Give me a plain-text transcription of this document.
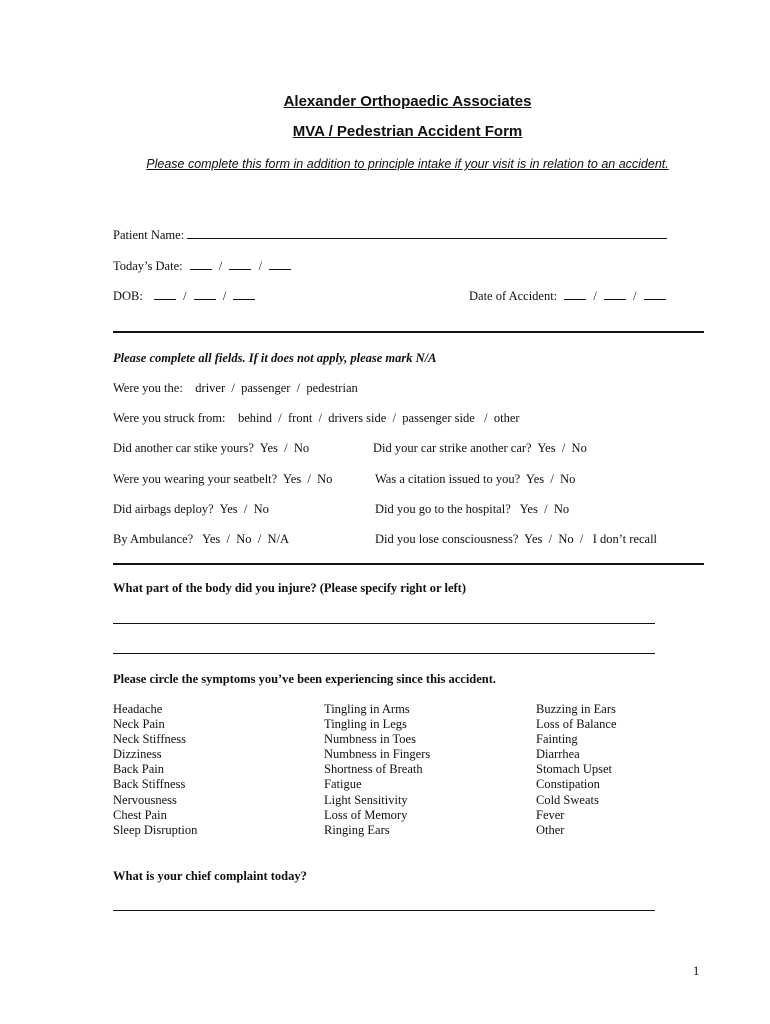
Alexander Orthopaedic Associates
MVA / Pedestrian Accident Form
Please complete this form in addition to principle intake if your visit is in relation to an accident.
Patient Name:
Today’s Date:	/	/
DOB:	/	/	Date of Accident:	/	/
Please complete all fields. If it does not apply, please mark N/A
Were you the:    driver  /  passenger  /  pedestrian
Were you struck from:    behind  /  front  /  drivers side  /  passenger side   /  other
Did another car stike yours?  Yes  /  No	Did your car strike another car?  Yes  /  No
Were you wearing your seatbelt?  Yes  /  No	Was a citation issued to you?  Yes  /  No
Did airbags deploy?  Yes  /  No	Did you go to the hospital?   Yes  /  No
By Ambulance?   Yes  /  No  /  N/A	Did you lose consciousness?  Yes  /  No  /   I don’t recall
What part of the body did you injure? (Please specify right or left)
Please circle the symptoms you’ve been experiencing since this accident.
Headache
Neck Pain
Neck Stiffness
Dizziness
Back Pain
Back Stiffness
Nervousness
Chest Pain
Sleep Disruption
Tingling in Arms
Tingling in Legs
Numbness in Toes
Numbness in Fingers
Shortness of Breath
Fatigue
Light Sensitivity
Loss of Memory
Ringing Ears
Buzzing in Ears
Loss of Balance
Fainting
Diarrhea
Stomach Upset
Constipation
Cold Sweats
Fever
Other
What is your chief complaint today?
1
